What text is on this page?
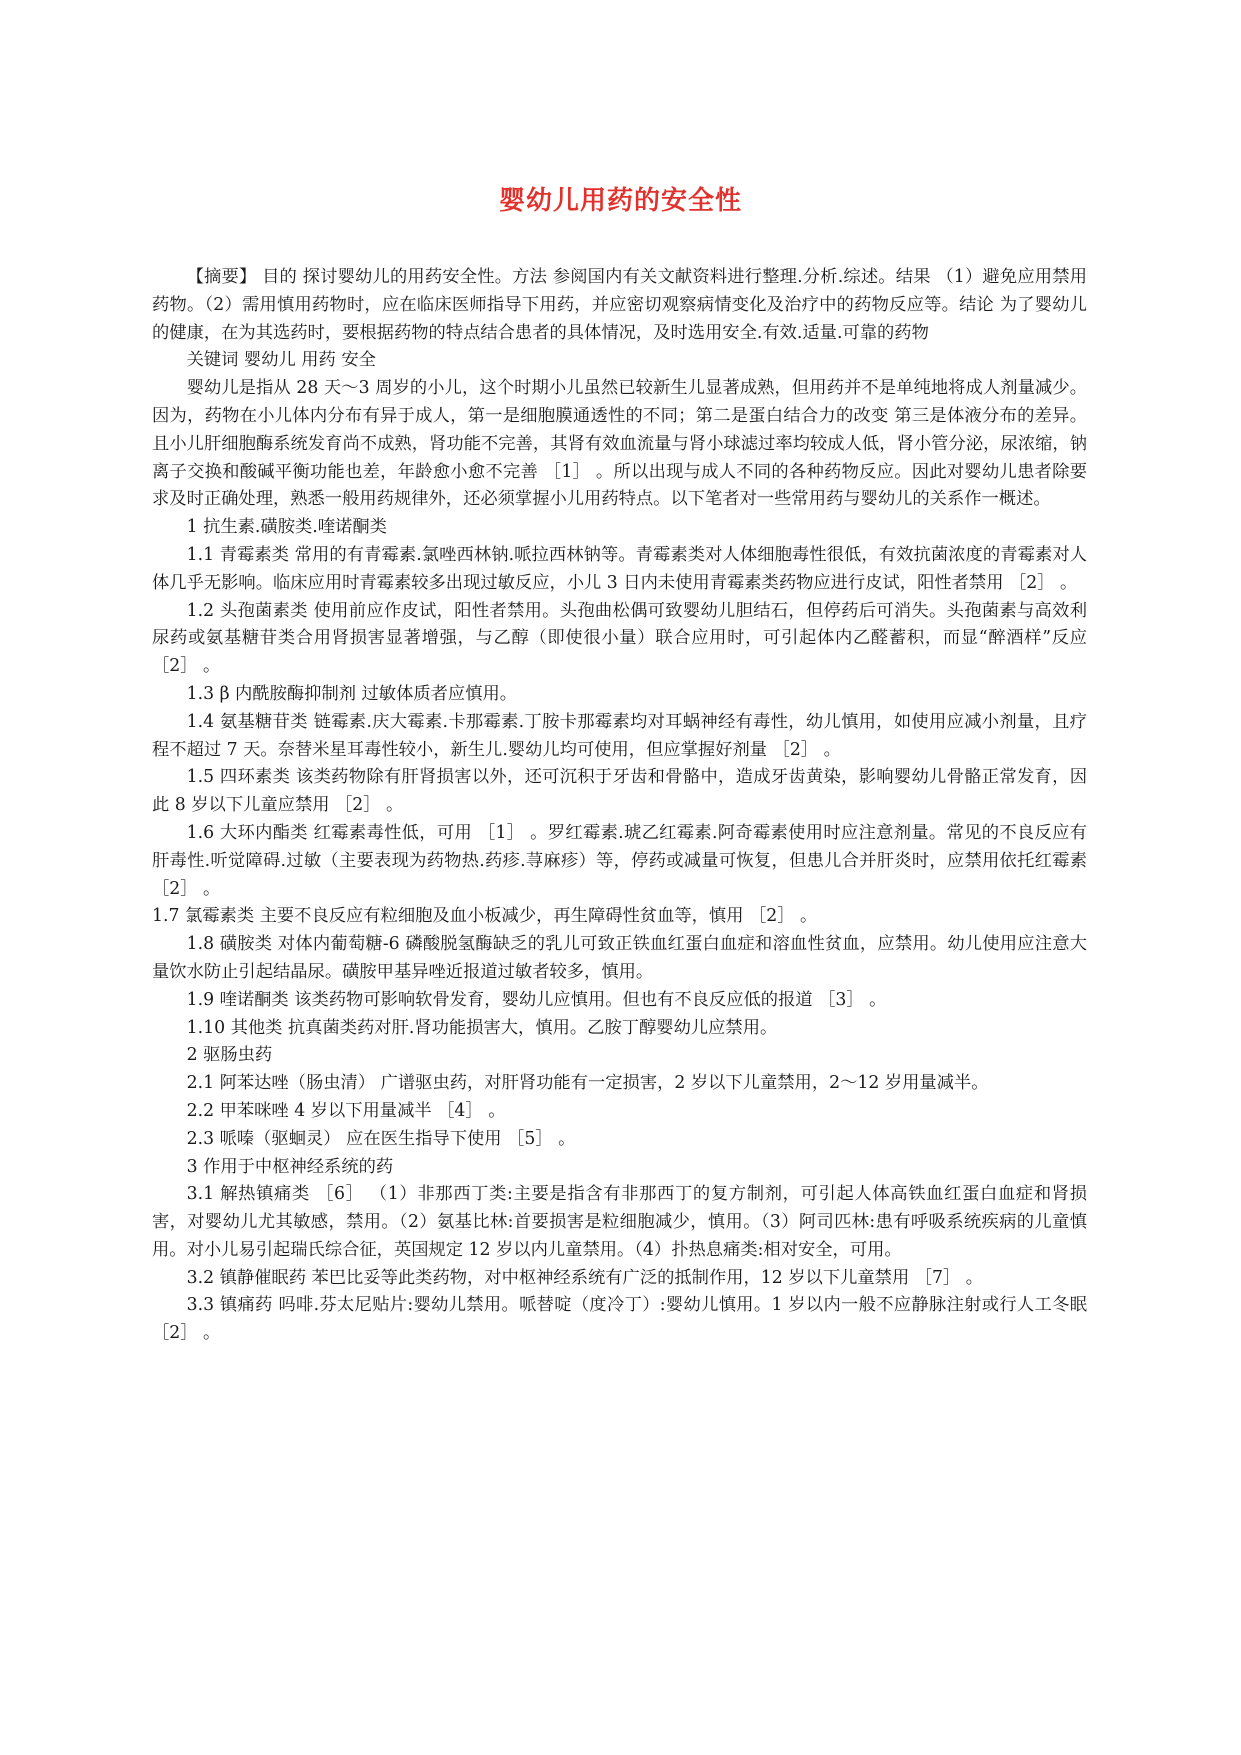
婴幼儿用药的安全性

【摘要】 目的 探讨婴幼儿的用药安全性。方法 参阅国内有关文献资料进行整理.分析.综述。结果 （1）避免应用禁用药物。（2）需用慎用药物时，应在临床医师指导下用药，并应密切观察病情变化及治疗中的药物反应等。结论 为了婴幼儿的健康，在为其选药时，要根据药物的特点结合患者的具体情况，及时选用安全.有效.适量.可靠的药物

关键词 婴幼儿 用药 安全

婴幼儿是指从 28 天～3 周岁的小儿，这个时期小儿虽然已较新生儿显著成熟，但用药并不是单纯地将成人剂量减少。因为，药物在小儿体内分布有异于成人，第一是细胞膜通透性的不同；第二是蛋白结合力的改变 第三是体液分布的差异。且小儿肝细胞酶系统发育尚不成熟，肾功能不完善，其肾有效血流量与肾小球滤过率均较成人低，肾小管分泌，尿浓缩，钠离子交换和酸碱平衡功能也差，年龄愈小愈不完善 ［1］ 。所以出现与成人不同的各种药物反应。因此对婴幼儿患者除要求及时正确处理，熟悉一般用药规律外，还必须掌握小儿用药特点。以下笔者对一些常用药与婴幼儿的关系作一概述。

1 抗生素.磺胺类.喹诺酮类

1.1 青霉素类 常用的有青霉素.氯唑西林钠.哌拉西林钠等。青霉素类对人体细胞毒性很低，有效抗菌浓度的青霉素对人体几乎无影响。临床应用时青霉素较多出现过敏反应，小儿 3 日内未使用青霉素类药物应进行皮试，阳性者禁用 ［2］ 。

1.2 头孢菌素类 使用前应作皮试，阳性者禁用。头孢曲松偶可致婴幼儿胆结石，但停药后可消失。头孢菌素与高效利尿药或氨基糖苷类合用肾损害显著增强，与乙醇（即使很小量）联合应用时，可引起体内乙醛蓄积，而显“醉酒样”反应 ［2］ 。

1.3 β 内酰胺酶抑制剂 过敏体质者应慎用。

1.4 氨基糖苷类 链霉素.庆大霉素.卡那霉素.丁胺卡那霉素均对耳蜗神经有毒性，幼儿慎用，如使用应减小剂量，且疗程不超过 7 天。奈替米星耳毒性较小，新生儿.婴幼儿均可使用，但应掌握好剂量 ［2］ 。

1.5 四环素类 该类药物除有肝肾损害以外，还可沉积于牙齿和骨骼中，造成牙齿黄染，影响婴幼儿骨骼正常发育，因此 8 岁以下儿童应禁用 ［2］ 。

1.6 大环内酯类 红霉素毒性低，可用 ［1］ 。罗红霉素.琥乙红霉素.阿奇霉素使用时应注意剂量。常见的不良反应有肝毒性.听觉障碍.过敏（主要表现为药物热.药疹.荨麻疹）等，停药或减量可恢复，但患儿合并肝炎时，应禁用依托红霉素 ［2］ 。

1.7 氯霉素类 主要不良反应有粒细胞及血小板减少，再生障碍性贫血等，慎用 ［2］ 。

1.8 磺胺类 对体内葡萄糖-6 磷酸脱氢酶缺乏的乳儿可致正铁血红蛋白血症和溶血性贫血，应禁用。幼儿使用应注意大量饮水防止引起结晶尿。磺胺甲基异唑近报道过敏者较多，慎用。

1.9 喹诺酮类 该类药物可影响软骨发育，婴幼儿应慎用。但也有不良反应低的报道 ［3］ 。

1.10 其他类 抗真菌类药对肝.肾功能损害大，慎用。乙胺丁醇婴幼儿应禁用。

2 驱肠虫药

2.1 阿苯达唑（肠虫清） 广谱驱虫药，对肝肾功能有一定损害，2 岁以下儿童禁用，2～12 岁用量减半。

2.2 甲苯咪唑 4 岁以下用量减半 ［4］ 。

2.3 哌嗪（驱蛔灵） 应在医生指导下使用 ［5］ 。

3 作用于中枢神经系统的药

3.1 解热镇痛类 ［6］ （1）非那西丁类:主要是指含有非那西丁的复方制剂，可引起人体高铁血红蛋白血症和肾损害，对婴幼儿尤其敏感，禁用。（2）氨基比林:首要损害是粒细胞减少，慎用。（3）阿司匹林:患有呼吸系统疾病的儿童慎用。对小儿易引起瑞氏综合征，英国规定 12 岁以内儿童禁用。（4）扑热息痛类:相对安全，可用。

3.2 镇静催眠药 苯巴比妥等此类药物，对中枢神经系统有广泛的抵制作用，12 岁以下儿童禁用 ［7］ 。

3.3 镇痛药 吗啡.芬太尼贴片:婴幼儿禁用。哌替啶（度冷丁）:婴幼儿慎用。1 岁以内一般不应静脉注射或行人工冬眠 ［2］ 。
